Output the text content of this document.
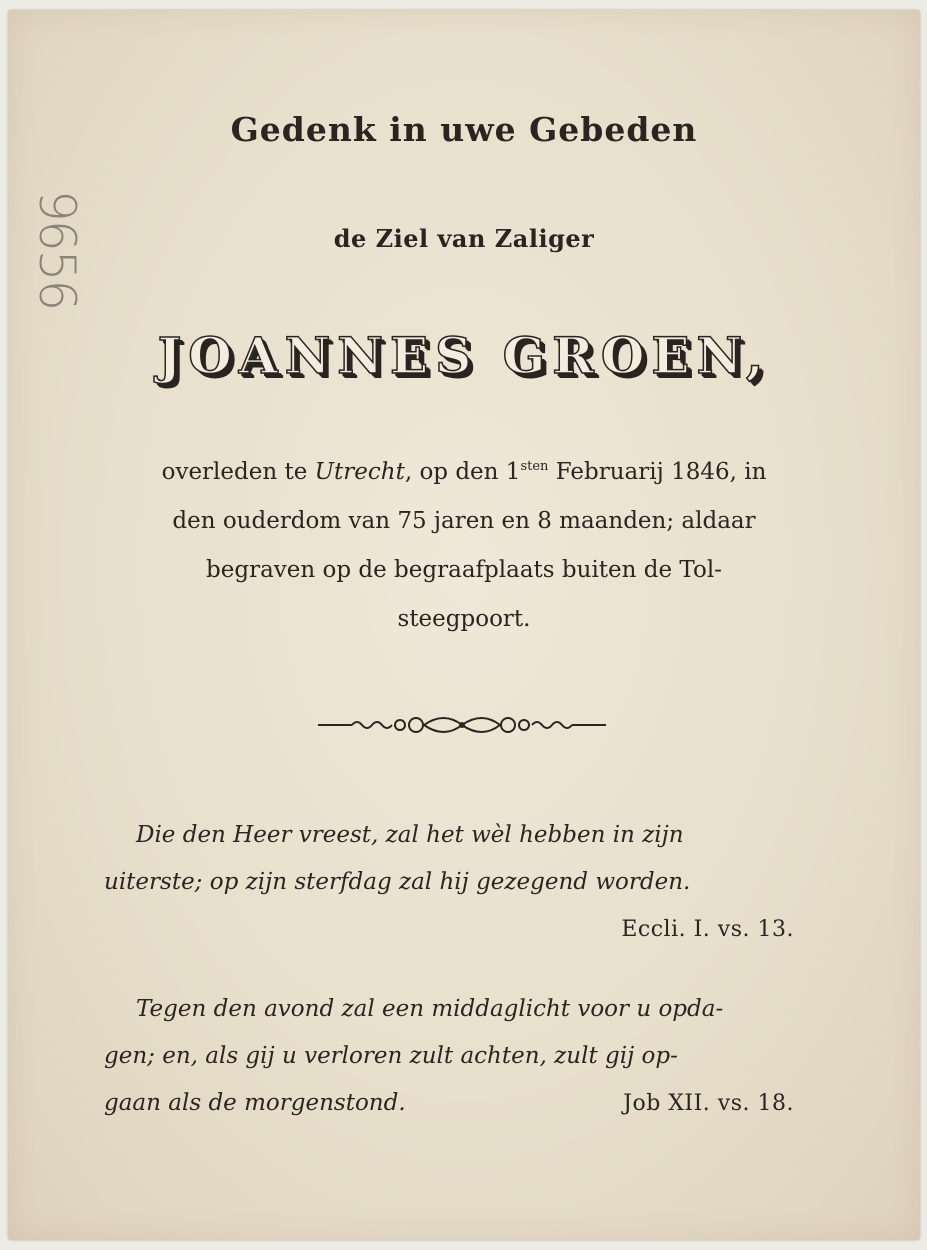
9656
Gedenk in uwe Gebeden
de Ziel van Zaliger
JOANNES GROEN,
overleden te Utrecht, op den $1^{sten}$ Februarij 1846, in
den ouderdom van 75 jaren en 8 maanden; aldaar
begraven op de begraafplaats buiten de Tol-
steegpoort.
Die den Heer vreest, zal het wèl hebben in zijn
uiterste; op zijn sterfdag zal hij gezegend worden.
Eccli. I. vs. 13.
Tegen den avond zal een middaglicht voor u opda-
gen; en, als gij u verloren zult achten, zult gij op-
gaan als de morgenstond.	Job XII. vs. 18.
